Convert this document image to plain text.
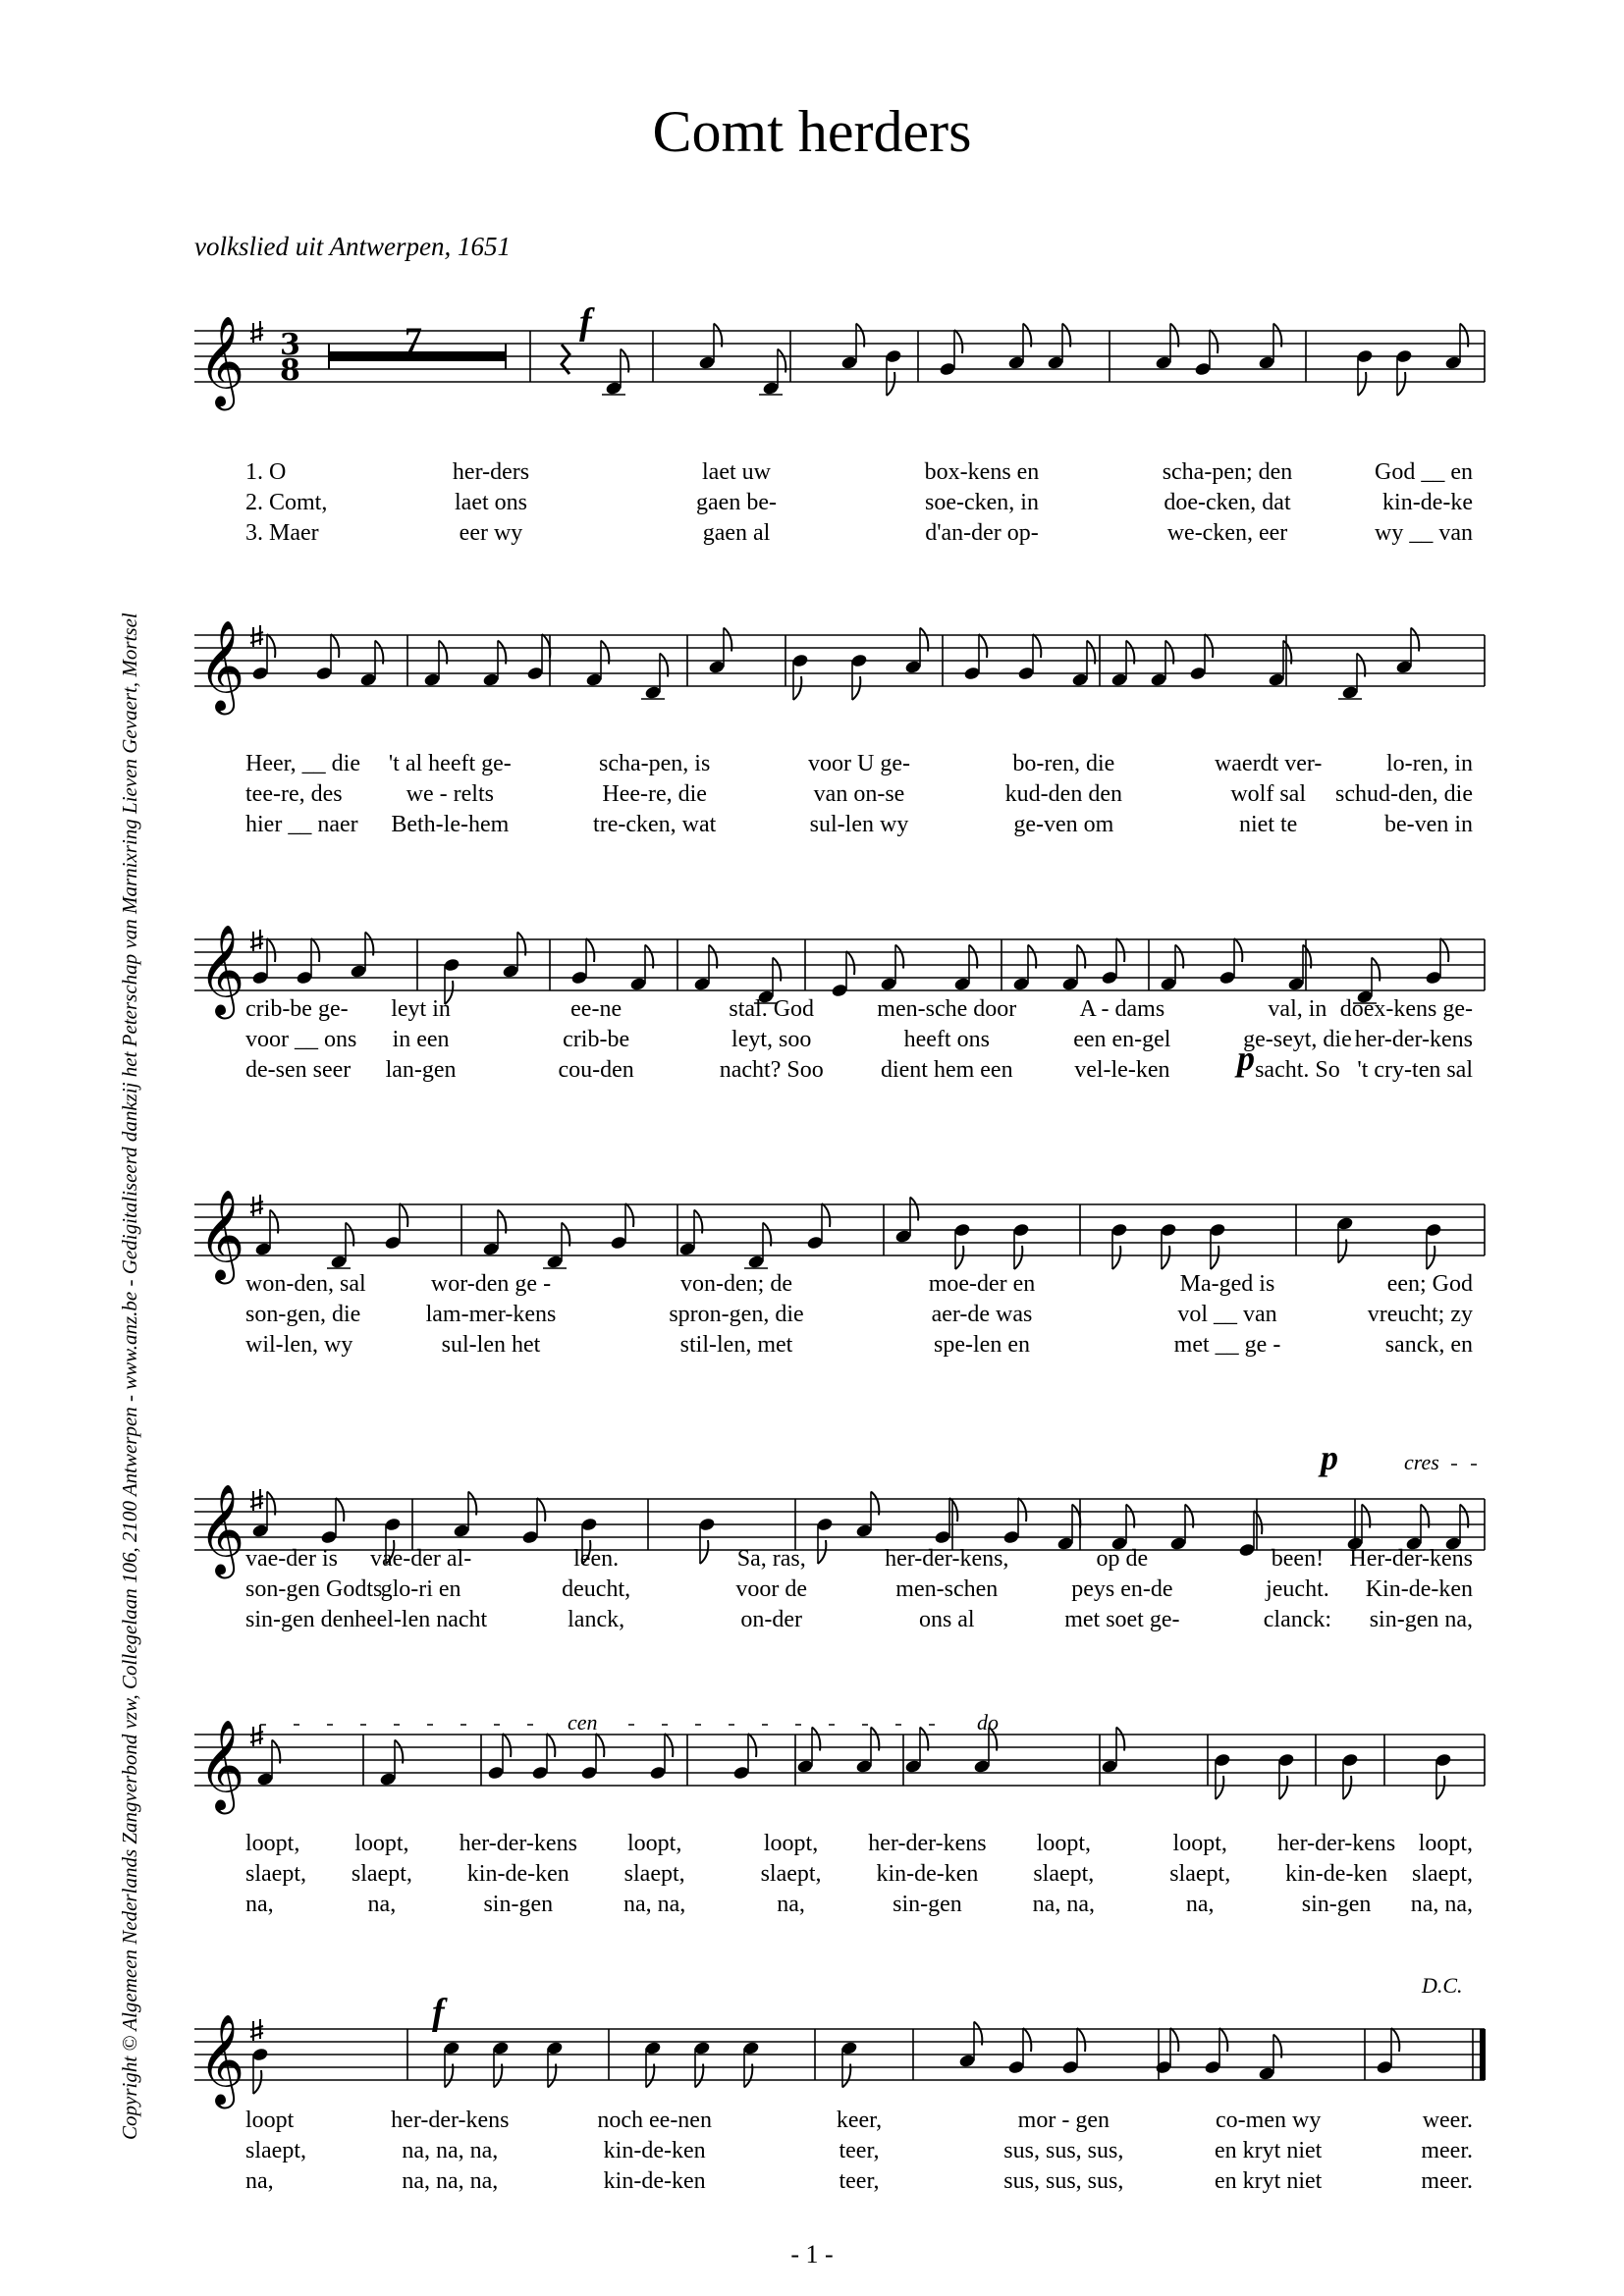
Comt herders
volkslied uit Antwerpen, 1651
Copyright © Algemeen Nederlands Zangverbond vzw, Collegelaan 106, 2100 Antwerpen - www.anz.be - Gedigitaliseerd dankzij het Peterschap van Marnixring Lieven Gevaert, Mortsel
- 1 -
𝄞 3
8
𝄞
𝄞
𝄞
𝄞
𝄞
𝄞
7	f
p
p	cres
cen	do
f
D.C.
1. O	her-ders	laet uw	box-kens en	scha-pen; den	God __ en
2. Comt,	laet ons	gaen be-	soe-cken, in	doe-cken, dat	kin-de-ke
3. Maer	eer wy	gaen al	d'an-der op-	we-cken, eer	wy __ van
Heer, __ die 't al heeft ge-	scha-pen, is	voor U ge-	bo-ren, die	waerdt ver-	lo-ren, in
tee-re, des	we - relts	Hee-re, die	van on-se	kud-den den	wolf sal schud-den, die
hier __ naer Beth-le-hem	tre-cken, wat	sul-len wy	ge-ven om	niet te	be-ven in
crib-be ge- leyt in	ee-ne	stal. God	men-sche door	A - dams	val, in doex-kens ge-
voor __ ons in een	crib-be	leyt, soo	heeft ons	een en-gel	ge-seyt, die her-der-kens
de-sen seer lan-gen	cou-den	nacht? Soo dient hem een	vel-le-ken	sacht. So 't cry-ten sal
won-den, sal	wor-den ge -	von-den; de	moe-der en	Ma-ged is	een; God
son-gen, die	lam-mer-kens	spron-gen, die	aer-de was	vol __ van	vreucht; zy
wil-len, wy	sul-len het	stil-len, met	spe-len en	met __ ge -	sanck, en
vae-der is vae-der al-	leen.	Sa, ras,	her-der-kens,	op de	been! Her-der-kens
son-gen Godtsglo-ri en	deucht,	voor de	men-schen	peys en-de	jeucht. Kin-de-ken
sin-gen denheel-len nacht	lanck,	on-der	ons al	met soet ge-	clanck: sin-gen na,
loopt, loopt, her-der-kens loopt,	loopt, her-der-kens loopt,	loopt, her-der-kens loopt,
slaept, slaept, kin-de-ken slaept,	slaept, kin-de-ken slaept,	slaept, kin-de-ken slaept,
na,	na,	sin-gen	na, na,	na,	sin-gen	na, na,	na,	sin-gen na, na,
loopt	her-der-kens	noch ee-nen	keer,	mor - gen	co-men wy	weer.
slaept,	na, na, na,	kin-de-ken	teer,	sus, sus, sus,	en kryt niet	meer.
na,	na, na, na,	kin-de-ken	teer,	sus, sus, sus,	en kryt niet	meer.
